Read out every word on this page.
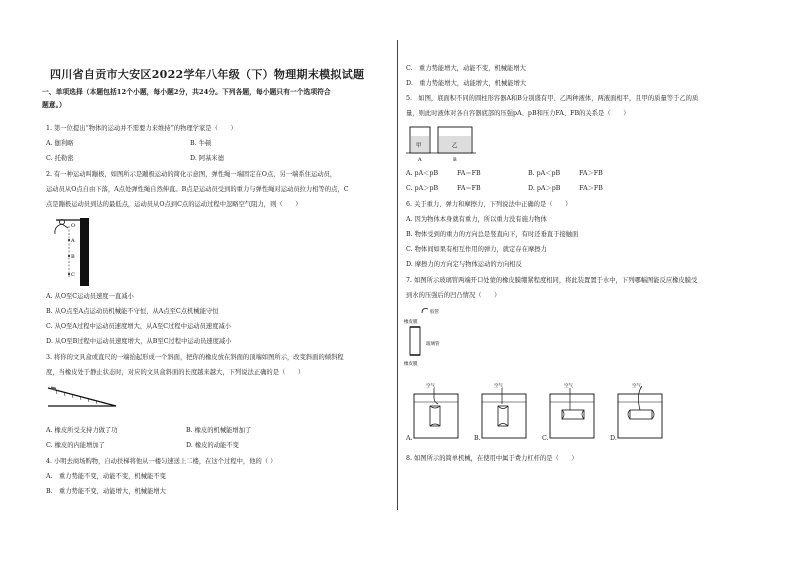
四川省自贡市大安区2022学年八年级（下）物理期末模拟试题
一、单项选择（本题包括12个小题，每小题2分，共24分。下列各题，每小题只有一个选项符合
题意。）
1. 第一位提出“物体的运动并不需要力来维持”的物理学家是（　　）
A. 伽利略	B. 牛顿
C. 托勒密	D. 阿基米德
2. 有一种运动叫蹦极，如图所示是蹦极运动的简化示意图，弹性绳一端固定在O点，另一端系住运动员，
运动员从O点自由下落，A点处弹性绳自然伸直。B点是运动员受到的重力与弹性绳对运动员拉力相等的点，C
点是蹦极运动员到达的最低点，运动员从O点到C点的运动过程中忽略空气阻力，则（　　）
O
A
B
C
A. 从O至C运动员速度一直减小
B. 从O点至A点运动员机械能不守恒，从A点至C点机械能守恒
C. 从O至A过程中运动员速度增大，从A至C过程中运动员速度减小
D. 从O至B过程中运动员速度增大，从B至C过程中运动员速度减小
3. 将你的文具盒或直尺的一端抬起形成一个斜面，把你的橡皮放在斜面的顶端如图所示，改变斜面的倾斜程
度，当橡皮处于静止状态时，对应的文具盒斜面的长度越来越大，下列说法正确的是（　　）
A. 橡皮所受支持力做了功	B. 橡皮的机械能增加了
C. 橡皮的内能增加了	D. 橡皮的动能不变
4. 小明去商场购物，自动扶梯将他从一楼匀速送上二楼，在这个过程中，他的（ ）
A.　重力势能不变，动能不变，机械能不变
B.　重力势能不变，动能增大，机械能增大
C.　重力势能增大，动能不变，机械能增大
D.　重力势能增大，动能增大，机械能增大
5.　如图，底面积不同的圆柱形容器A和B分别盛有甲、乙两种液体，两液面相平，且甲的质量等于乙的质
量，则此时液体对各自容器底部的压强pA、pB和压力FA、FB的关系是（　　）
甲	乙
A	B
A. pA＜pB　　　FA＝FB	B. pA＜pB　　　FA＞FB
C. pA＞pB　　　FA＝FB	D. pA＞pB　　　FA＞FB
6. 关于重力、弹力和摩擦力，下列说法中正确的是（　　）
A. 因为物体本身就有重力，所以重力没有施力物体
B. 物体受到的重力的方向总是竖直向下，有时还垂直于接触面
C. 物体间如果有相互作用的弹力，就定存在摩擦力
D. 摩擦力的方向定与物体运动的方向相反
7. 如图所示玻璃管两端开口处蒙的橡皮膜绷紧程度相同，将此装置置于水中，下列哪幅图能反应橡皮膜受
到水的压强后的凹凸情况（　　）
胶管
橡皮膜
玻璃管
橡皮膜
空气	空气	空气	空气
A.	B.	C.	D.
8. 如图所示的简单机械，在使用中属于费力杠杆的是（　　）
